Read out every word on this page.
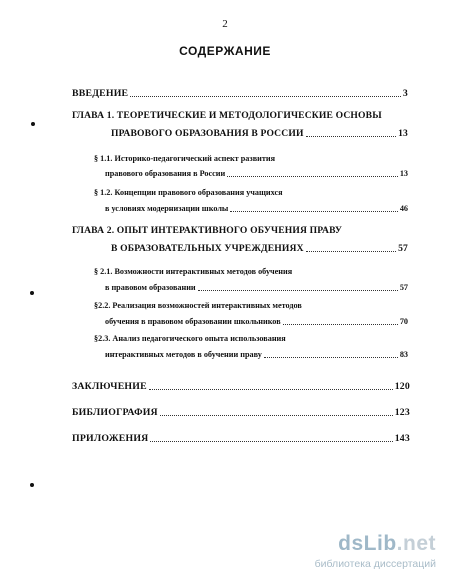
2
СОДЕРЖАНИЕ
ВВЕДЕНИЕ	3
ГЛАВА 1. ТЕОРЕТИЧЕСКИЕ И МЕТОДОЛОГИЧЕСКИЕ ОСНОВЫ
ПРАВОВОГО ОБРАЗОВАНИЯ В РОССИИ	13
§ 1.1. Историко-педагогический аспект развития
правового образования в России	13
§ 1.2. Концепции правового образования учащихся
в условиях модернизации школы	46
ГЛАВА 2. ОПЫТ ИНТЕРАКТИВНОГО ОБУЧЕНИЯ ПРАВУ
В ОБРАЗОВАТЕЛЬНЫХ УЧРЕЖДЕНИЯХ	57
§ 2.1. Возможности интерактивных методов обучения
в правовом образовании	57
§2.2. Реализация возможностей интерактивных методов
обучения в правовом образовании школьников	70
§2.3. Анализ педагогического опыта использования
интерактивных методов в обучении праву	83
ЗАКЛЮЧЕНИЕ	120
БИБЛИОГРАФИЯ	123
ПРИЛОЖЕНИЯ	143
dsLib.net
библиотека диссертаций
